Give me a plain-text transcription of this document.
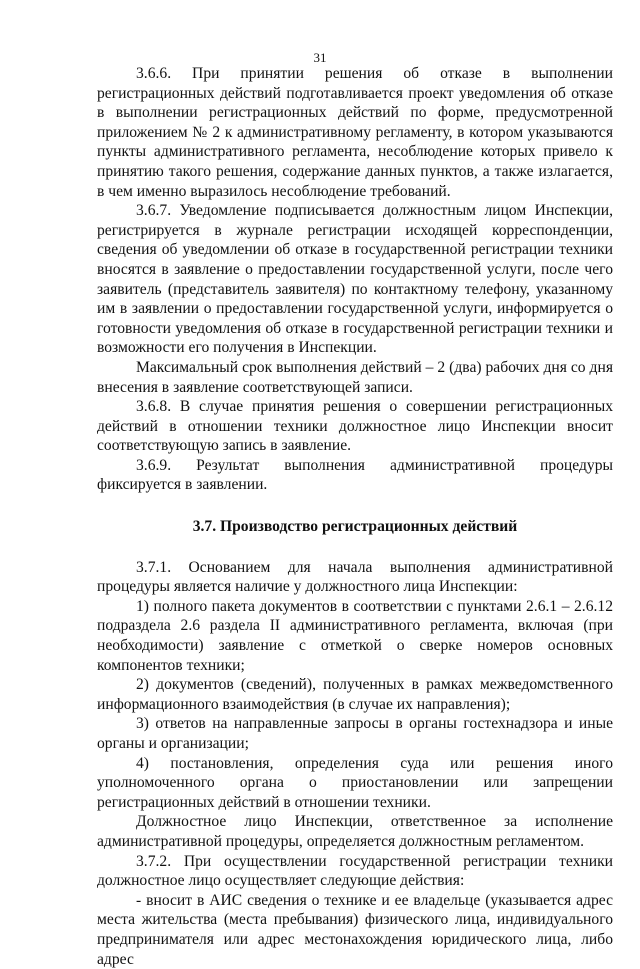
31

3.6.6. При принятии решения об отказе в выполнении регистрационных действий подготавливается проект уведомления об отказе в выполнении регистрационных действий по форме, предусмотренной приложением № 2 к административному регламенту, в котором указываются пункты административного регламента, несоблюдение которых привело к принятию такого решения, содержание данных пунктов, а также излагается, в чем именно выразилось несоблюдение требований.

3.6.7. Уведомление подписывается должностным лицом Инспекции, регистрируется в журнале регистрации исходящей корреспонденции, сведения об уведомлении об отказе в государственной регистрации техники вносятся в заявление о предоставлении государственной услуги, после чего заявитель (представитель заявителя) по контактному телефону, указанному им в заявлении о предоставлении государственной услуги, информируется о готовности уведомления об отказе в государственной регистрации техники и возможности его получения в Инспекции.

Максимальный срок выполнения действий – 2 (два) рабочих дня со дня внесения в заявление соответствующей записи.

3.6.8. В случае принятия решения о совершении регистрационных действий в отношении техники должностное лицо Инспекции вносит соответствующую запись в заявление.

3.6.9. Результат выполнения административной процедуры фиксируется в заявлении.

3.7. Производство регистрационных действий

3.7.1. Основанием для начала выполнения административной процедуры является наличие у должностного лица Инспекции:

1) полного пакета документов в соответствии с пунктами 2.6.1 – 2.6.12 подраздела 2.6 раздела II административного регламента, включая (при необходимости) заявление с отметкой о сверке номеров основных компонентов техники;

2) документов (сведений), полученных в рамках межведомственного информационного взаимодействия (в случае их направления);

3) ответов на направленные запросы в органы гостехнадзора и иные органы и организации;

4) постановления, определения суда или решения иного уполномоченного органа о приостановлении или запрещении регистрационных действий в отношении техники.

Должностное лицо Инспекции, ответственное за исполнение административной процедуры, определяется должностным регламентом.

3.7.2. При осуществлении государственной регистрации техники должностное лицо осуществляет следующие действия:

- вносит в АИС сведения о технике и ее владельце (указывается адрес места жительства (места пребывания) физического лица, индивидуального предпринимателя или адрес местонахождения юридического лица, либо адрес
